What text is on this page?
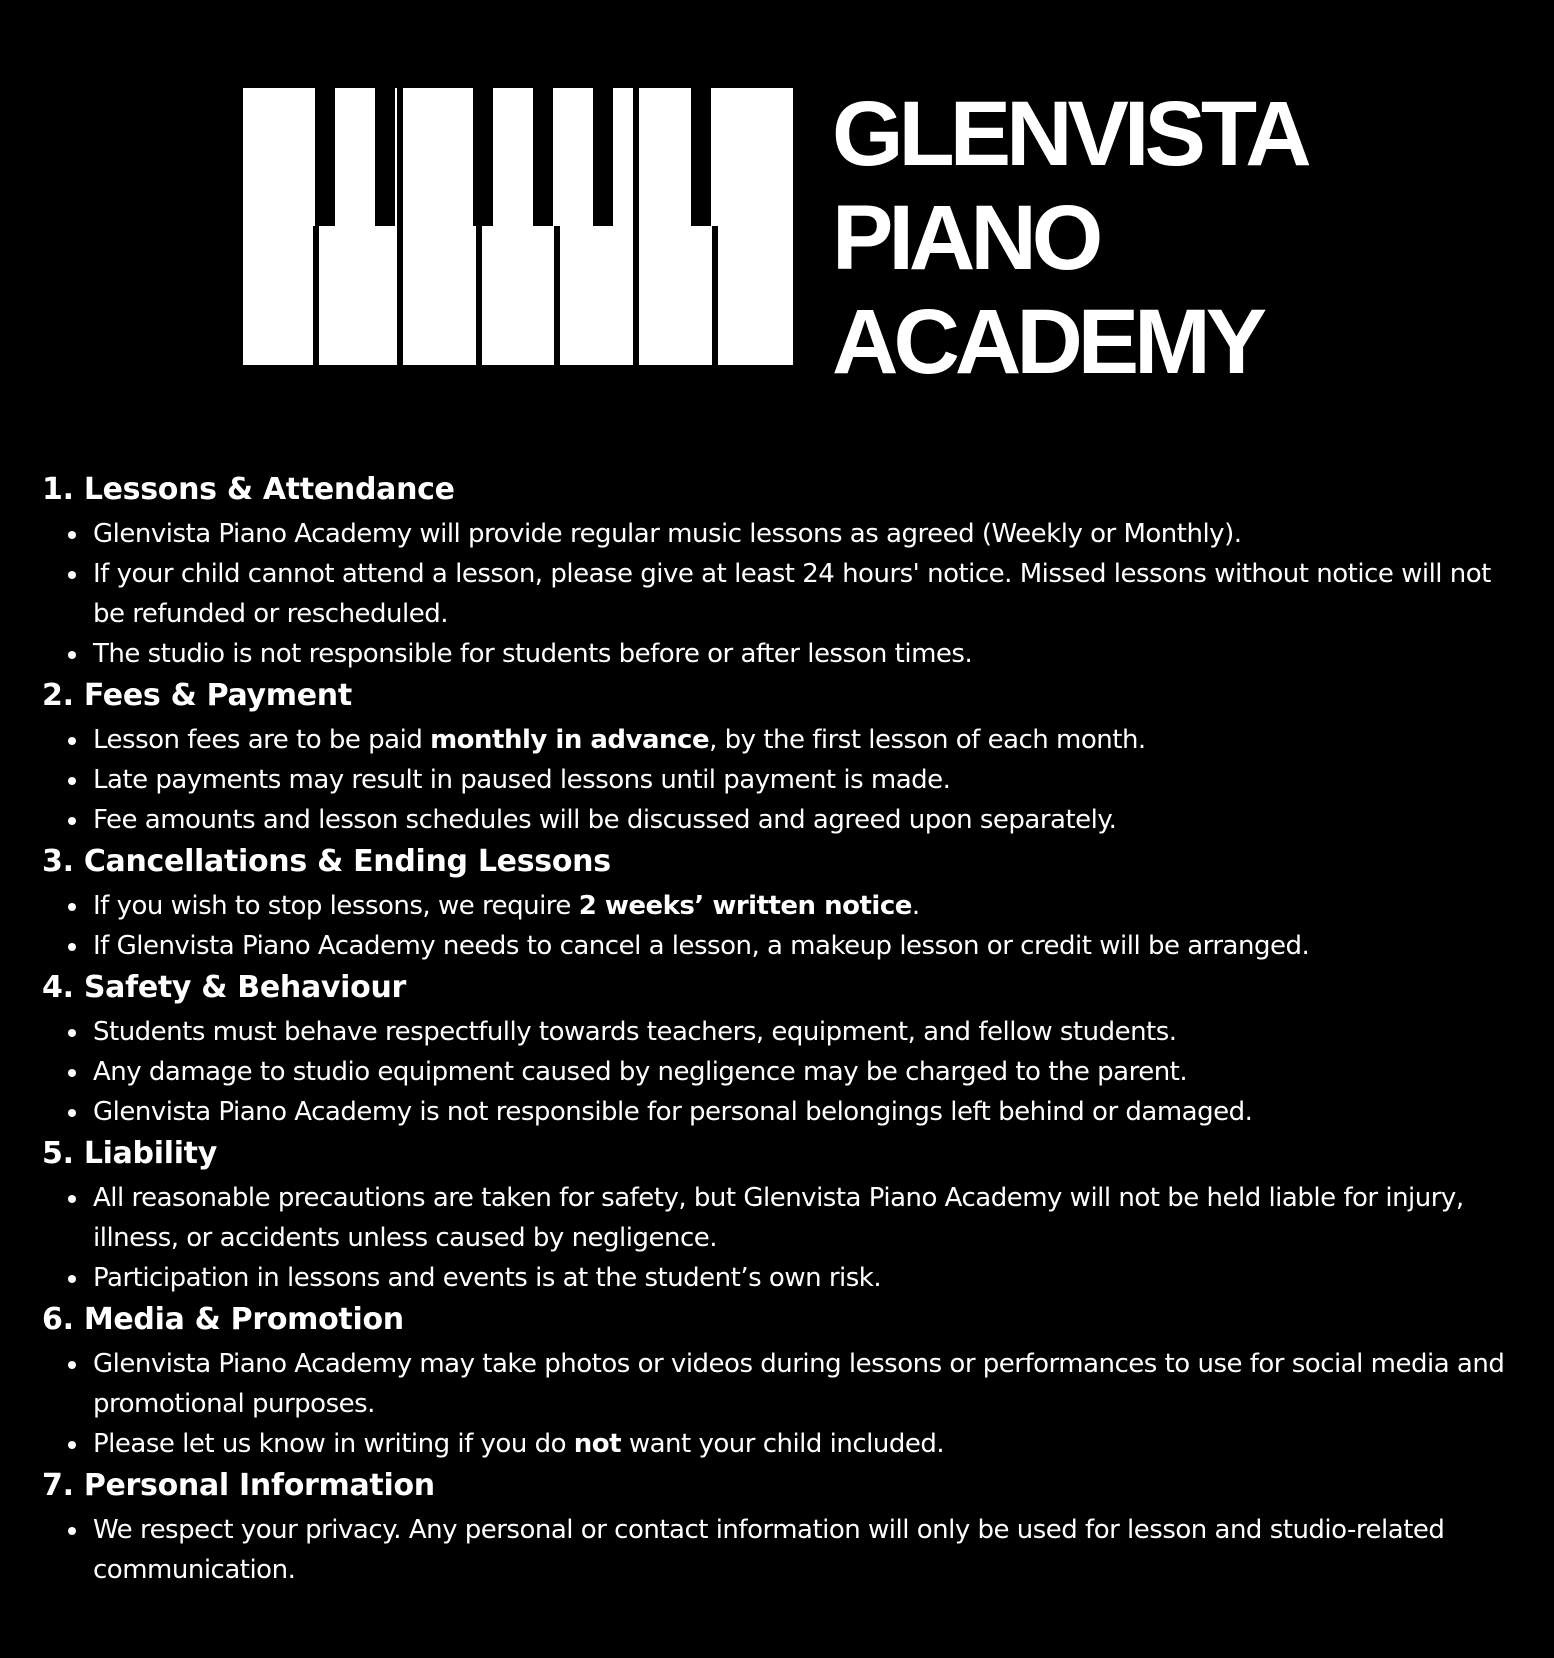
GLENVISTA
PIANO
ACADEMY
1. Lessons & Attendance
Glenvista Piano Academy will provide regular music lessons as agreed (Weekly or Monthly).
If your child cannot attend a lesson, please give at least 24 hours' notice. Missed lessons without notice will not be refunded or rescheduled.
The studio is not responsible for students before or after lesson times.
2. Fees & Payment
Lesson fees are to be paid monthly in advance, by the first lesson of each month.
Late payments may result in paused lessons until payment is made.
Fee amounts and lesson schedules will be discussed and agreed upon separately.
3. Cancellations & Ending Lessons
If you wish to stop lessons, we require 2 weeks’ written notice.
If Glenvista Piano Academy needs to cancel a lesson, a makeup lesson or credit will be arranged.
4. Safety & Behaviour
Students must behave respectfully towards teachers, equipment, and fellow students.
Any damage to studio equipment caused by negligence may be charged to the parent.
Glenvista Piano Academy is not responsible for personal belongings left behind or damaged.
5. Liability
All reasonable precautions are taken for safety, but Glenvista Piano Academy will not be held liable for injury, illness, or accidents unless caused by negligence.
Participation in lessons and events is at the student’s own risk.
6. Media & Promotion
Glenvista Piano Academy may take photos or videos during lessons or performances to use for social media and promotional purposes.
Please let us know in writing if you do not want your child included.
7. Personal Information
We respect your privacy. Any personal or contact information will only be used for lesson and studio-related communication.
